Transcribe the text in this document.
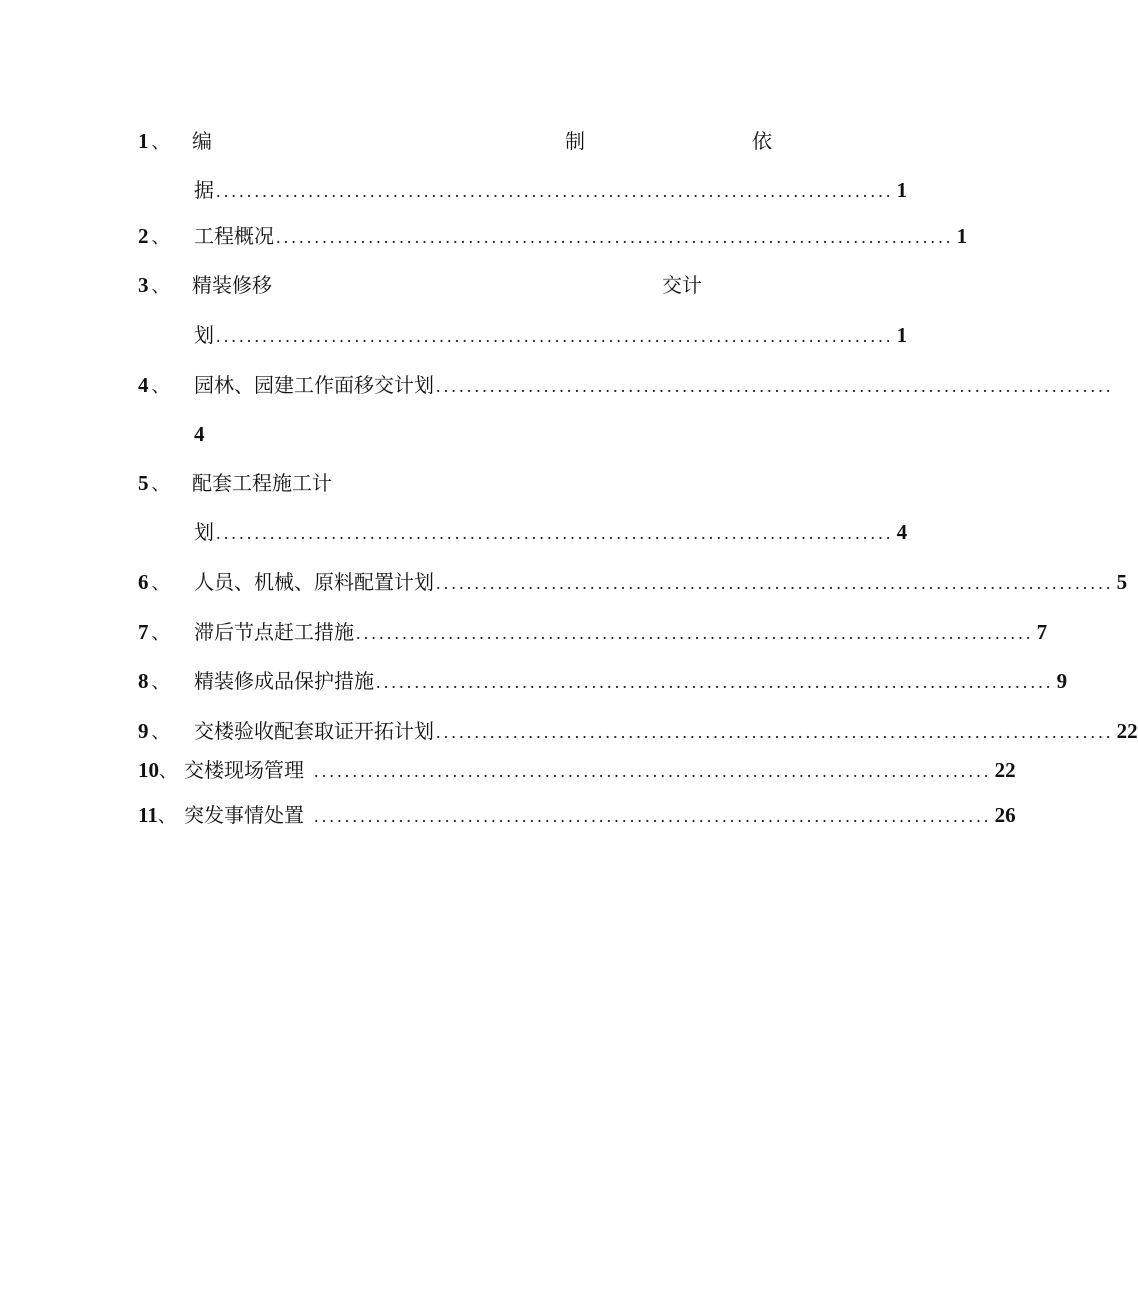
1 、 编	制	依
据 ........................................................................................ 1
2 、 工程概况 ........................................................................................ 1
3 、 精装修移	交计
划 ........................................................................................ 1
4 、 园林、园建工作面移交计划 ........................................................................................
4
5 、 配套工程施工计
划 ........................................................................................ 4
6 、 人员、机械、原料配置计划 ........................................................................................ 5
7 、 滞后节点赶工措施 ........................................................................................ 7
8 、 精装修成品保护措施 ........................................................................................ 9
9 、 交楼验收配套取证开拓计划 ........................................................................................ 22
10、 交楼现场管理 ........................................................................................ 22
11、 突发事情处置 ........................................................................................ 26
